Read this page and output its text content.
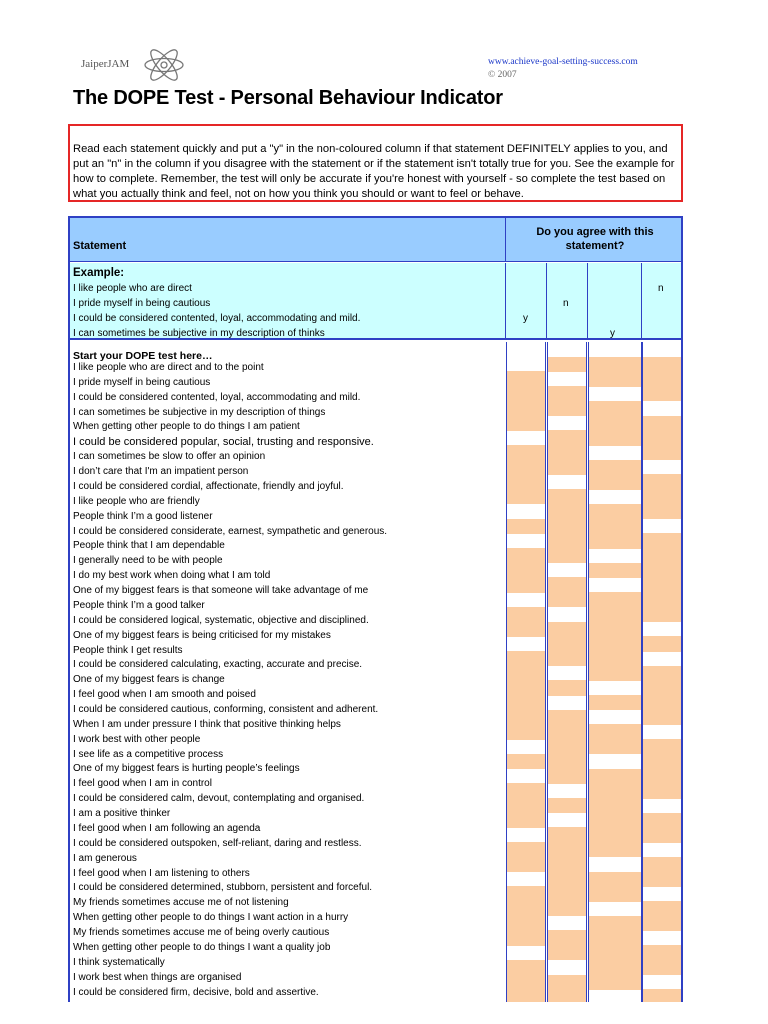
JaiperJAM	www.achieve-goal-setting-success.com
© 2007
The DOPE Test - Personal Behaviour Indicator
Read each statement quickly and put a "y" in the non-coloured column if that statement DEFINITELY applies to you, and put an "n" in the column if you disagree with the statement or if the statement isn't totally true for you. See the example for how to complete. Remember, the test will only be accurate if you're honest with yourself - so complete the test based on what you actually think and feel, not on how you think you should or want to feel or behave.
Statement
Do you agree with this statement?
Example:
I like people who are direct
I pride myself in being cautious
I could be considered contented, loyal, accommodating and mild.
I can sometimes be subjective in my description of thinks
n
n
y
y
Start your DOPE test here…
I like people who are direct and to the point
I pride myself in being cautious
I could be considered contented, loyal, accommodating and mild.
I can sometimes be subjective in my description of things
When getting other people to do things I am patient
I could be considered popular, social, trusting and responsive.
I can sometimes be slow to offer an opinion
I don’t care that I'm an impatient person
I could be considered cordial, affectionate, friendly and joyful.
I like people who are friendly
People think I’m a good listener
I could be considered considerate, earnest, sympathetic and generous.
People think that I am dependable
I generally need to be with people
I do my best work when doing what I am told
One of my biggest fears is that someone will take advantage of me
People think I’m a good talker
I could be considered logical, systematic, objective and disciplined.
One of my biggest fears is being criticised for my mistakes
People think I get results
I could be considered calculating, exacting, accurate and precise.
One of my biggest fears is change
I feel good when I am smooth and poised
I could be considered cautious, conforming, consistent and adherent.
When I am under pressure I think that positive thinking helps
I work best with other people
I see life as a competitive process
One of my biggest fears is hurting people’s feelings
I feel good when I am in control
I could be considered calm, devout, contemplating and organised.
I am a positive thinker
I feel good when I am following an agenda
I could be considered outspoken, self-reliant, daring and restless.
I am generous
I feel good when I am listening to others
I could be considered determined, stubborn, persistent and forceful.
My friends sometimes accuse me of not listening
When getting other people to do things I want action in a hurry
My friends sometimes accuse me of being overly cautious
When getting other people to do things I want a quality job
I think systematically
I work best when things are organised
I could be considered firm, decisive, bold and assertive.
